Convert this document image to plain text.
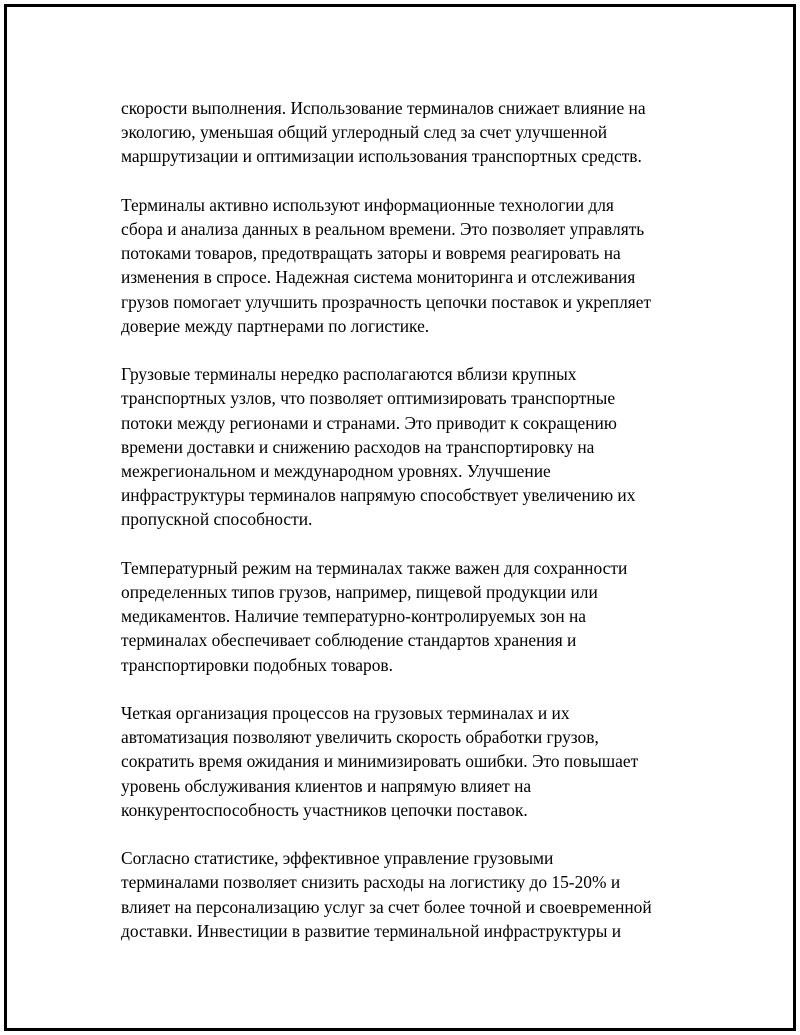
скорости выполнения. Использование терминалов снижает влияние на
экологию, уменьшая общий углеродный след за счет улучшенной
маршрутизации и оптимизации использования транспортных средств.

Терминалы активно используют информационные технологии для
сбора и анализа данных в реальном времени. Это позволяет управлять
потоками товаров, предотвращать заторы и вовремя реагировать на
изменения в спросе. Надежная система мониторинга и отслеживания
грузов помогает улучшить прозрачность цепочки поставок и укрепляет
доверие между партнерами по логистике.

Грузовые терминалы нередко располагаются вблизи крупных
транспортных узлов, что позволяет оптимизировать транспортные
потоки между регионами и странами. Это приводит к сокращению
времени доставки и снижению расходов на транспортировку на
межрегиональном и международном уровнях. Улучшение
инфраструктуры терминалов напрямую способствует увеличению их
пропускной способности.

Температурный режим на терминалах также важен для сохранности
определенных типов грузов, например, пищевой продукции или
медикаментов. Наличие температурно-контролируемых зон на
терминалах обеспечивает соблюдение стандартов хранения и
транспортировки подобных товаров.

Четкая организация процессов на грузовых терминалах и их
автоматизация позволяют увеличить скорость обработки грузов,
сократить время ожидания и минимизировать ошибки. Это повышает
уровень обслуживания клиентов и напрямую влияет на
конкурентоспособность участников цепочки поставок.

Согласно статистике, эффективное управление грузовыми
терминалами позволяет снизить расходы на логистику до 15-20% и
влияет на персонализацию услуг за счет более точной и своевременной
доставки. Инвестиции в развитие терминальной инфраструктуры и
